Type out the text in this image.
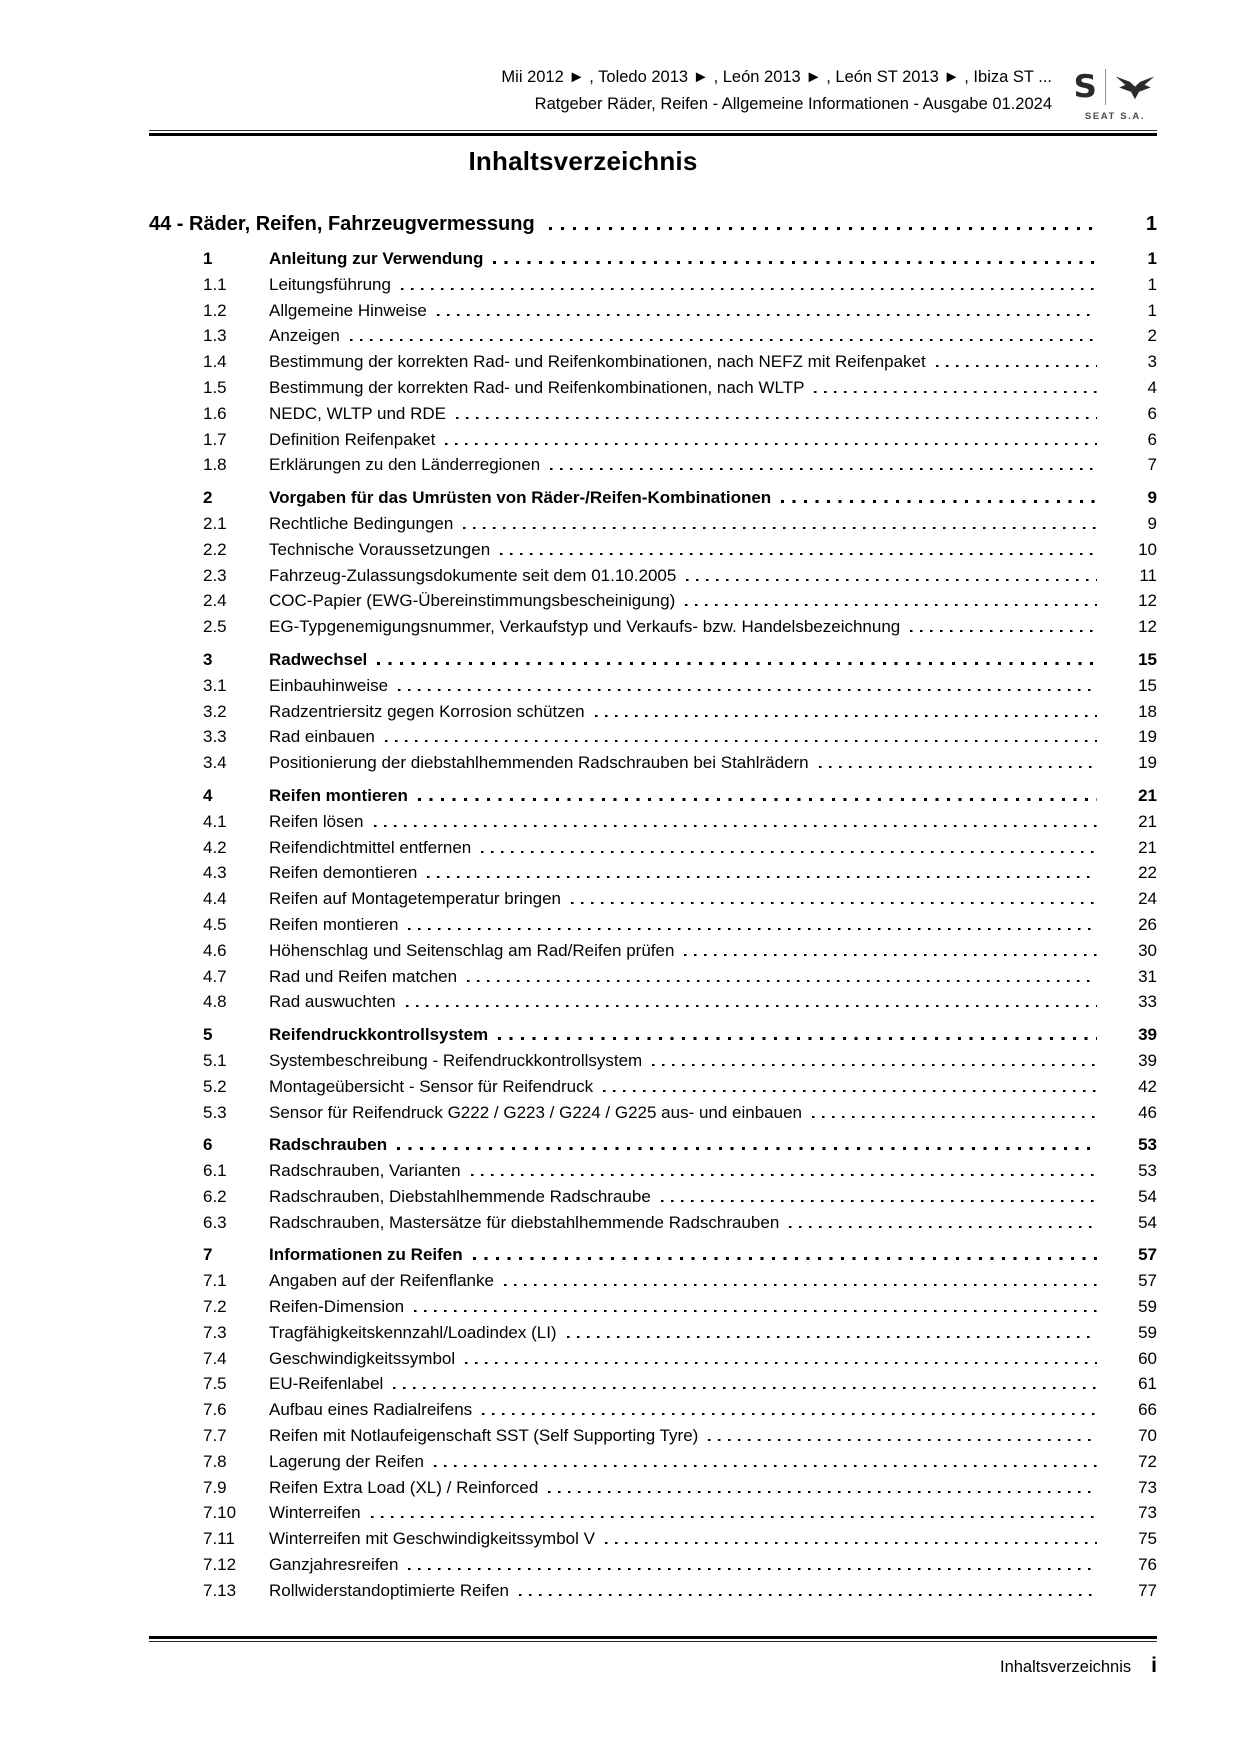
Mii 2012 ► , Toledo 2013 ► , León 2013 ► , León ST 2013 ► , Ibiza ST ...
Ratgeber Räder, Reifen - Allgemeine Informationen - Ausgabe 01.2024 S
SEAT S.A.
Inhaltsverzeichnis
44 - Räder, Reifen, Fahrzeugvermessung	1
1	Anleitung zur Verwendung	1
1.1	Leitungsführung	1
1.2	Allgemeine Hinweise	1
1.3	Anzeigen	2
1.4	Bestimmung der korrekten Rad- und Reifenkombinationen, nach NEFZ mit Reifenpaket	3
1.5	Bestimmung der korrekten Rad- und Reifenkombinationen, nach WLTP	4
1.6	NEDC, WLTP und RDE	6
1.7	Definition Reifenpaket	6
1.8	Erklärungen zu den Länderregionen	7
2	Vorgaben für das Umrüsten von Räder-/Reifen-Kombinationen	9
2.1	Rechtliche Bedingungen	9
2.2	Technische Voraussetzungen	10
2.3	Fahrzeug-Zulassungsdokumente seit dem 01.10.2005	11
2.4	COC-Papier (EWG-Übereinstimmungsbescheinigung)	12
2.5	EG-Typgenemigungsnummer, Verkaufstyp und Verkaufs- bzw. Handelsbezeichnung	12
3	Radwechsel	15
3.1	Einbauhinweise	15
3.2	Radzentriersitz gegen Korrosion schützen	18
3.3	Rad einbauen	19
3.4	Positionierung der diebstahlhemmenden Radschrauben bei Stahlrädern	19
4	Reifen montieren	21
4.1	Reifen lösen	21
4.2	Reifendichtmittel entfernen	21
4.3	Reifen demontieren	22
4.4	Reifen auf Montagetemperatur bringen	24
4.5	Reifen montieren	26
4.6	Höhenschlag und Seitenschlag am Rad/Reifen prüfen	30
4.7	Rad und Reifen matchen	31
4.8	Rad auswuchten	33
5	Reifendruckkontrollsystem	39
5.1	Systembeschreibung - Reifendruckkontrollsystem	39
5.2	Montageübersicht - Sensor für Reifendruck	42
5.3	Sensor für Reifendruck G222 / G223 / G224 / G225 aus- und einbauen	46
6	Radschrauben	53
6.1	Radschrauben, Varianten	53
6.2	Radschrauben, Diebstahlhemmende Radschraube	54
6.3	Radschrauben, Mastersätze für diebstahlhemmende Radschrauben	54
7	Informationen zu Reifen	57
7.1	Angaben auf der Reifenflanke	57
7.2	Reifen-Dimension	59
7.3	Tragfähigkeitskennzahl/Loadindex (LI)	59
7.4	Geschwindigkeitssymbol	60
7.5	EU-Reifenlabel	61
7.6	Aufbau eines Radialreifens	66
7.7	Reifen mit Notlaufeigenschaft SST (Self Supporting Tyre)	70
7.8	Lagerung der Reifen	72
7.9	Reifen Extra Load (XL) / Reinforced	73
7.10	Winterreifen	73
7.11	Winterreifen mit Geschwindigkeitssymbol V	75
7.12	Ganzjahresreifen	76
7.13	Rollwiderstandoptimierte Reifen	77
Inhaltsverzeichnis i
